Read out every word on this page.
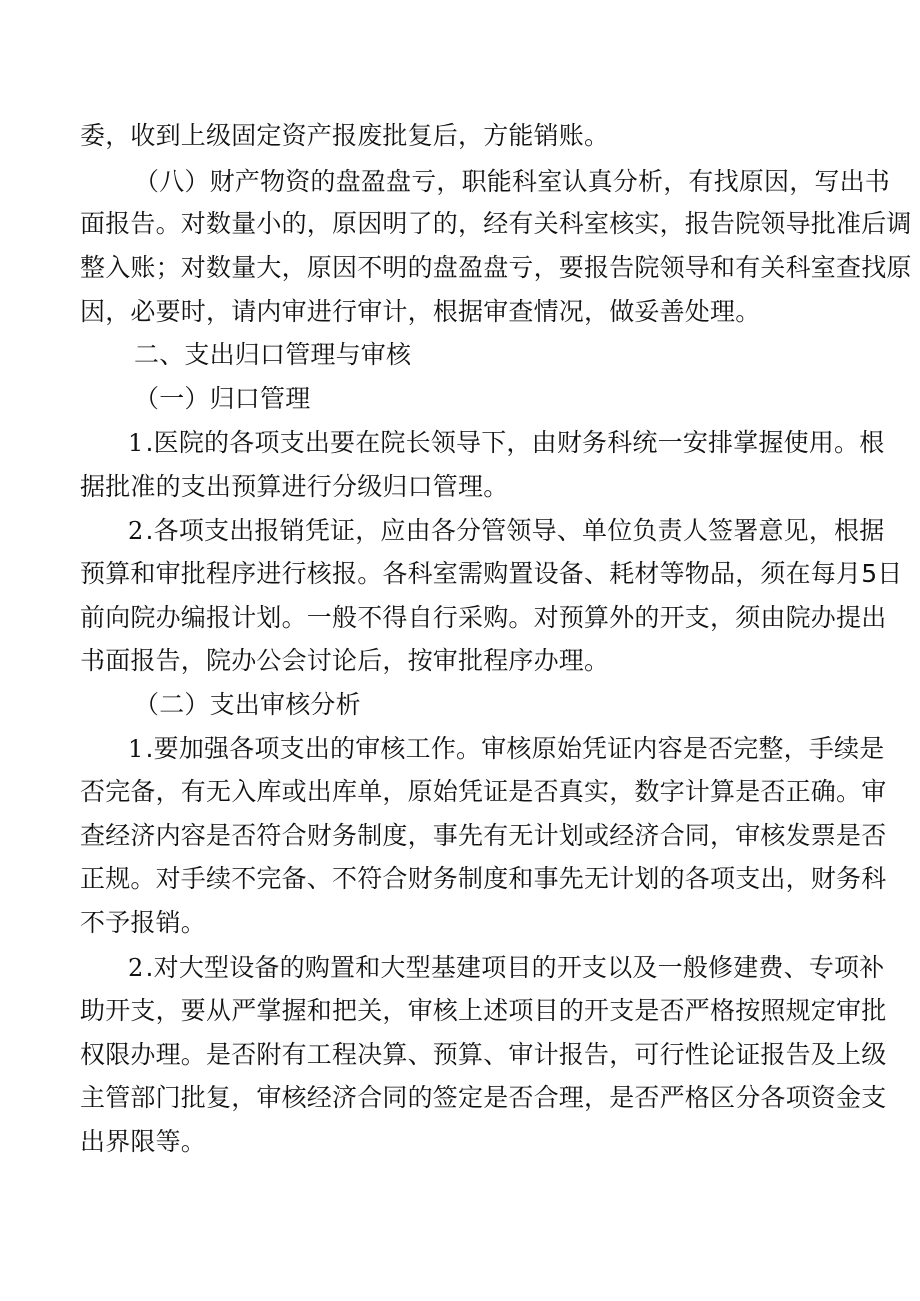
委，收到上级固定资产报废批复后，方能销账。
（八）财产物资的盘盈盘亏，职能科室认真分析，有找原因，写出书
面报告。对数量小的，原因明了的，经有关科室核实，报告院领导批准后调
整入账；对数量大，原因不明的盘盈盘亏，要报告院领导和有关科室查找原
因，必要时，请内审进行审计，根据审查情况，做妥善处理。
二、支出归口管理与审核
（一）归口管理
1.医院的各项支出要在院长领导下，由财务科统一安排掌握使用。根
据批准的支出预算进行分级归口管理。
2.各项支出报销凭证，应由各分管领导、单位负责人签署意见，根据
预算和审批程序进行核报。各科室需购置设备、耗材等物品，须在每月5日
前向院办编报计划。一般不得自行采购。对预算外的开支，须由院办提出
书面报告，院办公会讨论后，按审批程序办理。
（二）支出审核分析
1.要加强各项支出的审核工作。审核原始凭证内容是否完整，手续是
否完备，有无入库或出库单，原始凭证是否真实，数字计算是否正确。审
查经济内容是否符合财务制度，事先有无计划或经济合同，审核发票是否
正规。对手续不完备、不符合财务制度和事先无计划的各项支出，财务科
不予报销。
2.对大型设备的购置和大型基建项目的开支以及一般修建费、专项补
助开支，要从严掌握和把关，审核上述项目的开支是否严格按照规定审批
权限办理。是否附有工程决算、预算、审计报告，可行性论证报告及上级
主管部门批复，审核经济合同的签定是否合理，是否严格区分各项资金支
出界限等。
